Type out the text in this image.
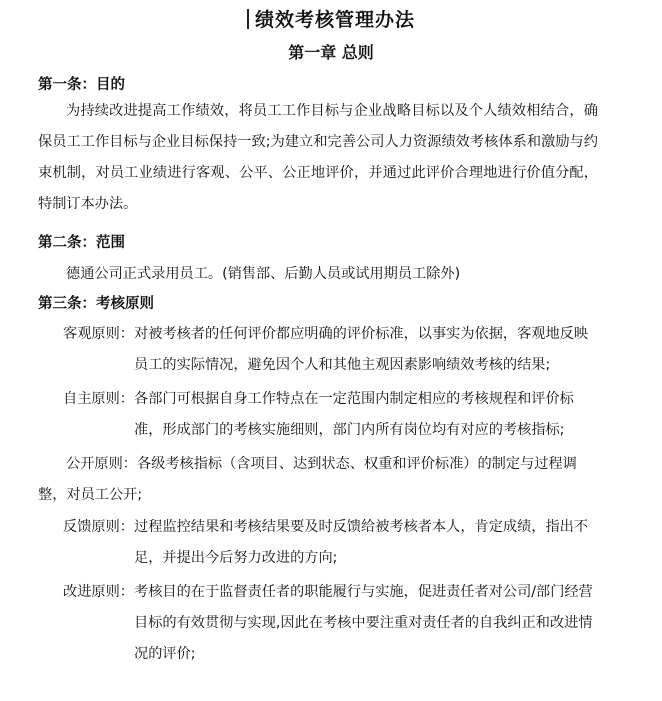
绩效考核管理办法
第一章 总则
第一条：目的
为持续改进提高工作绩效，将员工工作目标与企业战略目标以及个人绩效相结合，确保员工工作目标与企业目标保持一致;为建立和完善公司人力资源绩效考核体系和激励与约束机制，对员工业绩进行客观、公平、公正地评价，并通过此评价合理地进行价值分配，特制订本办法。
第二条：范围
德通公司正式录用员工。(销售部、后勤人员或试用期员工除外)
第三条：考核原则
客观原则：对被考核者的任何评价都应明确的评价标准，以事实为依据，客观地反映员工的实际情况，避免因个人和其他主观因素影响绩效考核的结果;
自主原则：各部门可根据自身工作特点在一定范围内制定相应的考核规程和评价标准，形成部门的考核实施细则，部门内所有岗位均有对应的考核指标;
公开原则：各级考核指标（含项目、达到状态、权重和评价标准）的制定与过程调整，对员工公开;
反馈原则：过程监控结果和考核结果要及时反馈给被考核者本人，肯定成绩，指出不足，并提出今后努力改进的方向;
改进原则：考核目的在于监督责任者的职能履行与实施，促进责任者对公司/部门经营目标的有效贯彻与实现,因此在考核中要注重对责任者的自我纠正和改进情况的评价;
